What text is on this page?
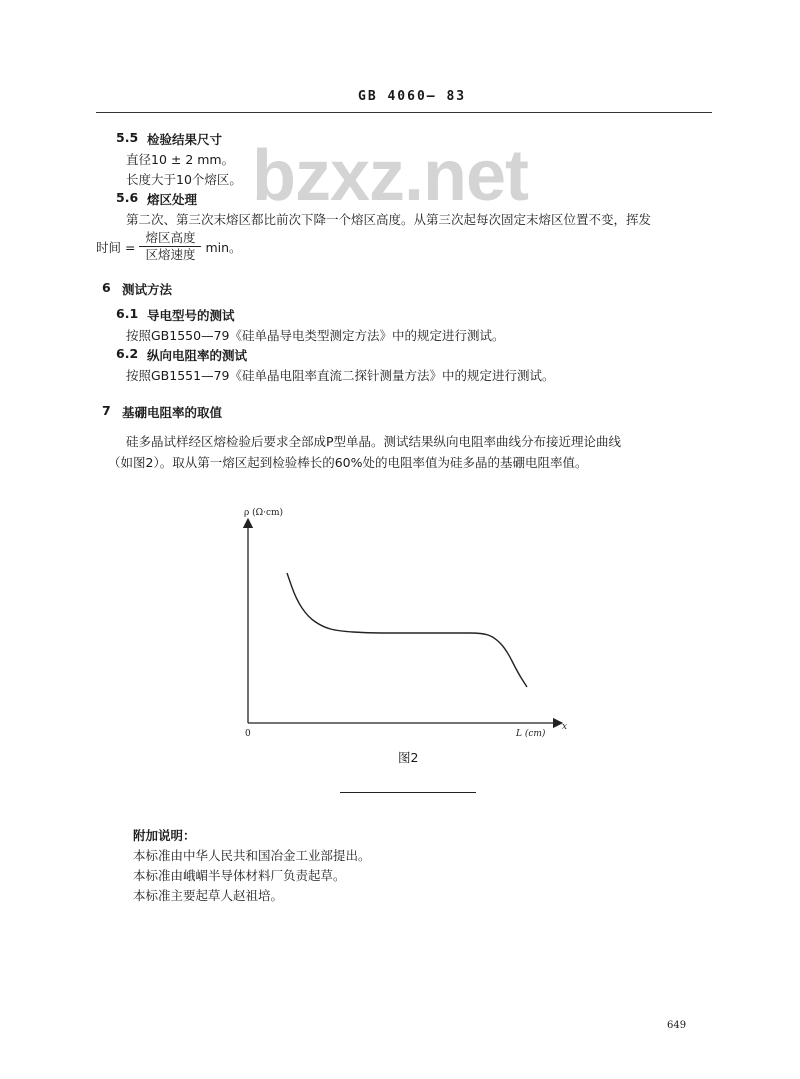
GB 4060— 83
bzxz.net
5.5 检验结果尺寸
直径10 ± 2 mm。
长度大于10个熔区。
5.6 熔区处理
第二次、第三次末熔区都比前次下降一个熔区高度。从第三次起每次固定末熔区位置不变，挥发
时间 = $\frac{\text{熔区高度}}{\text{区熔速度}}$ min。
6 测试方法
6.1 导电型号的测试
按照GB1550—79《硅单晶导电类型测定方法》中的规定进行测试。
6.2 纵向电阻率的测试
按照GB1551—79《硅单晶电阻率直流二探针测量方法》中的规定进行测试。
7 基硼电阻率的取值
硅多晶试样经区熔检验后要求全部成P型单晶。测试结果纵向电阻率曲线分布接近理论曲线
（如图2）。取从第一熔区起到检验棒长的60%处的电阻率值为硅多晶的基硼电阻率值。
ρ (Ω·cm)
L (cm)
x
0
图2
附加说明：
本标准由中华人民共和国冶金工业部提出。
本标准由峨嵋半导体材料厂负责起草。
本标准主要起草人赵祖培。
649
